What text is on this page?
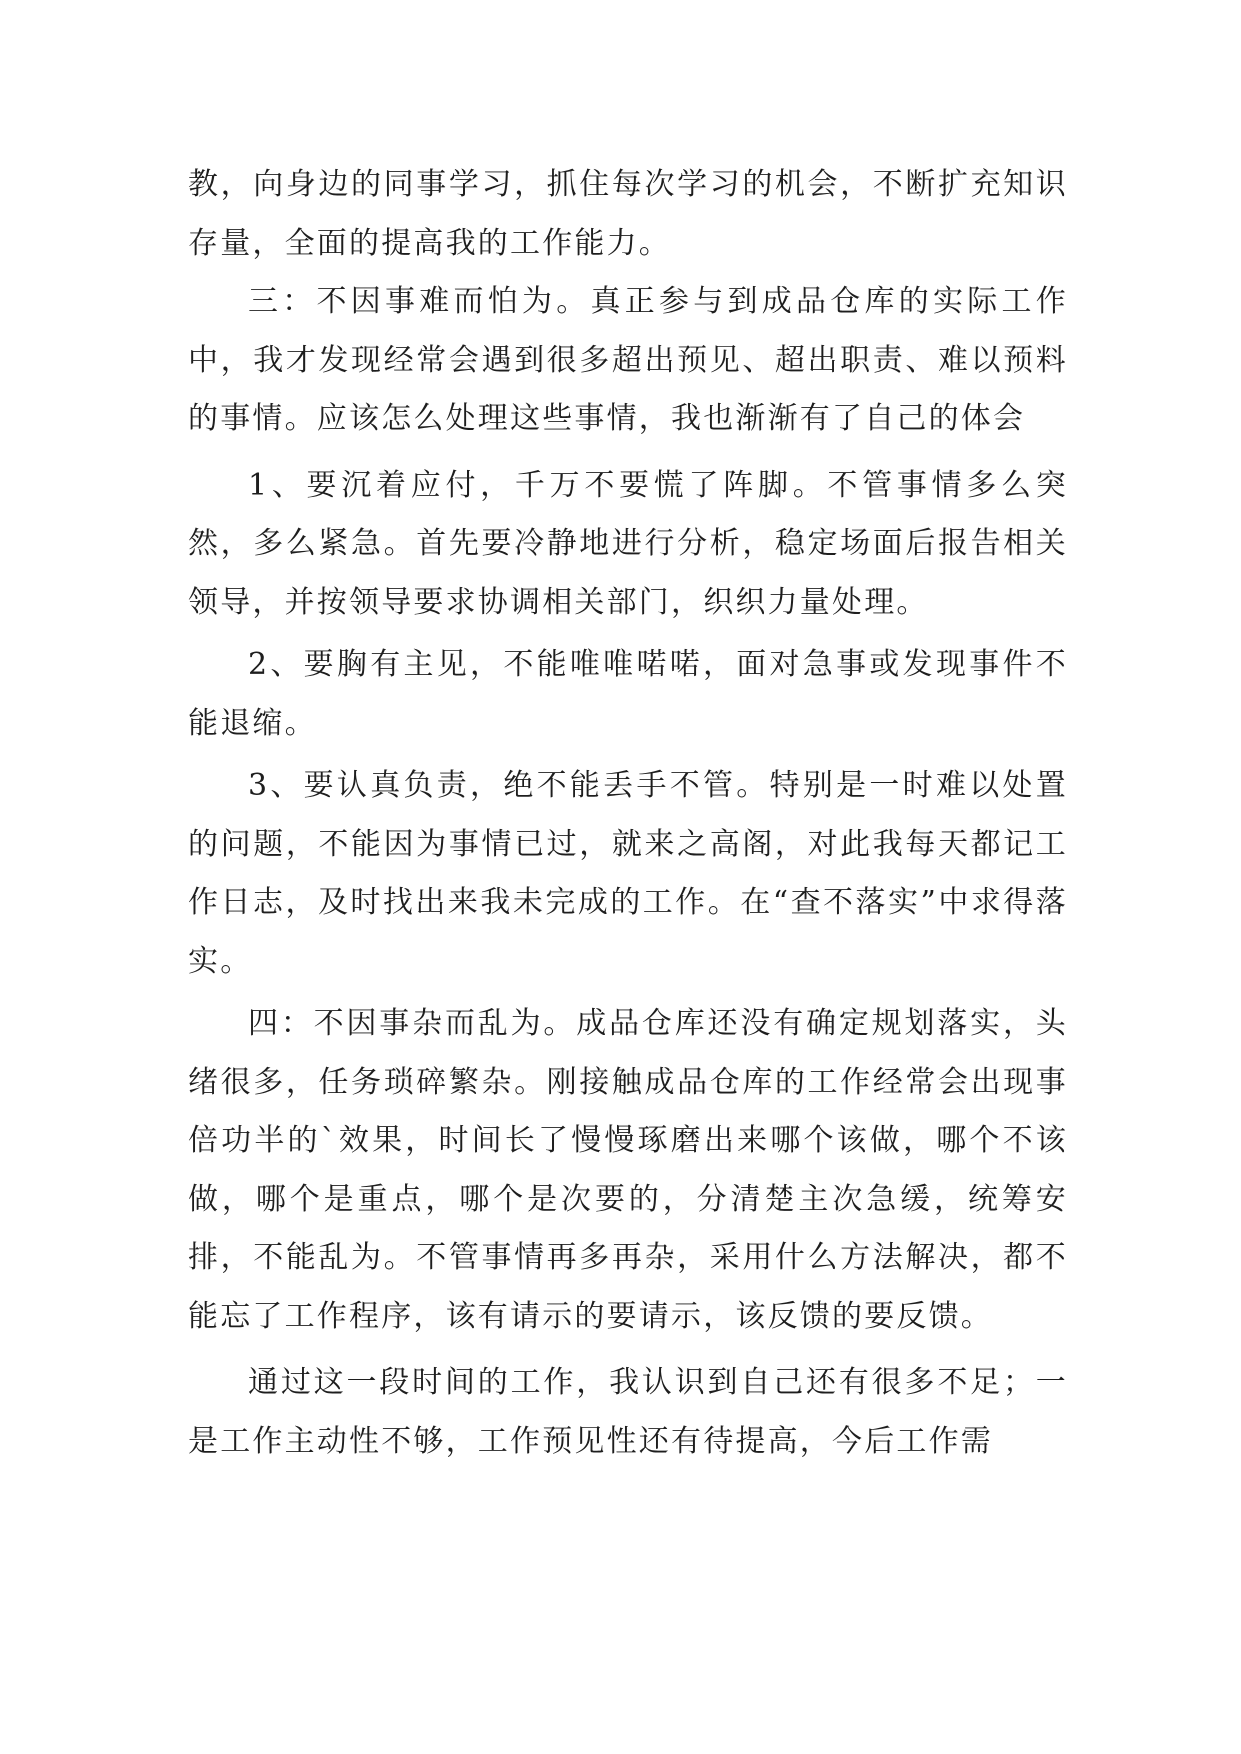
教，向身边的同事学习，抓住每次学习的机会，不断扩充知识存量，全面的提高我的工作能力。

三：不因事难而怕为。真正参与到成品仓库的实际工作中，我才发现经常会遇到很多超出预见、超出职责、难以预料的事情。应该怎么处理这些事情，我也渐渐有了自己的体会

1、要沉着应付，千万不要慌了阵脚。不管事情多么突然，多么紧急。首先要冷静地进行分析，稳定场面后报告相关领导，并按领导要求协调相关部门，织织力量处理。

2、要胸有主见，不能唯唯喏喏，面对急事或发现事件不能退缩。

3、要认真负责，绝不能丢手不管。特别是一时难以处置的问题，不能因为事情已过，就来之高阁，对此我每天都记工作日志，及时找出来我未完成的工作。在“查不落实”中求得落实。

四：不因事杂而乱为。成品仓库还没有确定规划落实，头绪很多，任务琐碎繁杂。刚接触成品仓库的工作经常会出现事倍功半的`效果，时间长了慢慢琢磨出来哪个该做，哪个不该做，哪个是重点，哪个是次要的，分清楚主次急缓，统筹安排，不能乱为。不管事情再多再杂，采用什么方法解决，都不能忘了工作程序，该有请示的要请示，该反馈的要反馈。

通过这一段时间的工作，我认识到自己还有很多不足；一是工作主动性不够，工作预见性还有待提高，今后工作需
